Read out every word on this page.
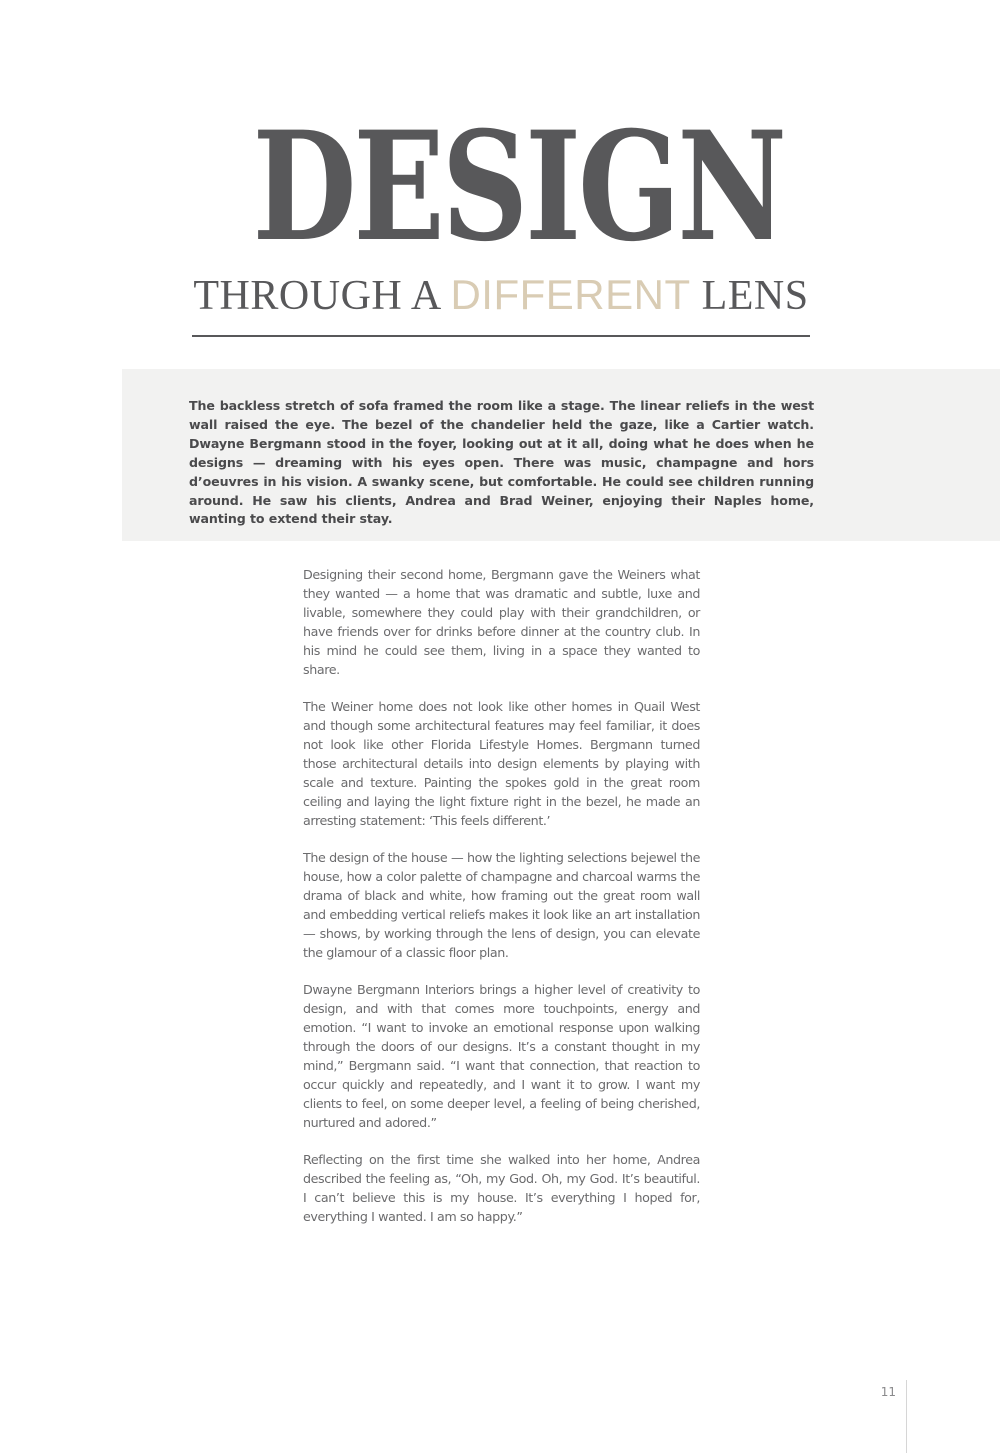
DESIGN
THROUGH A DIFFERENT LENS

The backless stretch of sofa framed the room like a stage. The linear reliefs in the west wall raised the eye. The bezel of the chandelier held the gaze, like a Cartier watch. Dwayne Bergmann stood in the foyer, looking out at it all, doing what he does when he designs — dreaming with his eyes open. There was music, champagne and hors d’oeuvres in his vision. A swanky scene, but comfortable. He could see children running around. He saw his clients, Andrea and Brad Weiner, enjoying their Naples home, wanting to extend their stay.

Designing their second home, Bergmann gave the Weiners what they wanted — a home that was dramatic and subtle, luxe and livable, somewhere they could play with their grandchildren, or have friends over for drinks before dinner at the country club. In his mind he could see them, living in a space they wanted to share.

The Weiner home does not look like other homes in Quail West and though some architectural features may feel familiar, it does not look like other Florida Lifestyle Homes. Bergmann turned those architectural details into design elements by playing with scale and texture. Painting the spokes gold in the great room ceiling and laying the light fixture right in the bezel, he made an arresting statement: ‘This feels different.’

The design of the house — how the lighting selections bejewel the house, how a color palette of champagne and charcoal warms the drama of black and white, how framing out the great room wall and embedding vertical reliefs makes it look like an art installation — shows, by working through the lens of design, you can elevate the glamour of a classic floor plan.

Dwayne Bergmann Interiors brings a higher level of creativity to design, and with that comes more touchpoints, energy and emotion. “I want to invoke an emotional response upon walking through the doors of our designs. It’s a constant thought in my mind,” Bergmann said. “I want that connection, that reaction to occur quickly and repeatedly, and I want it to grow. I want my clients to feel, on some deeper level, a feeling of being cherished, nurtured and adored.”

Reflecting on the first time she walked into her home, Andrea described the feeling as, “Oh, my God. Oh, my God. It’s beautiful. I can’t believe this is my house. It’s everything I hoped for, everything I wanted. I am so happy.”

11
